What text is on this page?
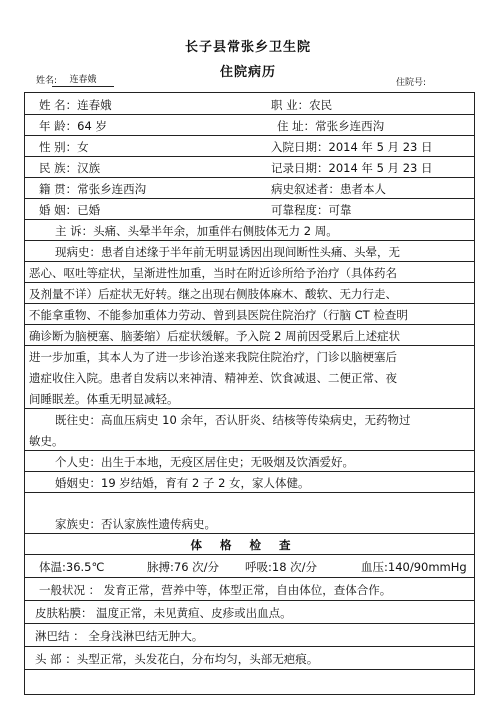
长子县常张乡卫生院
住院病历
姓名:	连春娥	住院号:
姓 名：连春娥	职 业：农民
年 龄：64 岁	住 址：常张乡连西沟
性 别：女	入院日期：2014 年 5 月 23 日
民 族：汉族	记录日期：2014 年 5 月 23 日
籍 贯：常张乡连西沟	病史叙述者：患者本人
婚 姻：已婚	可靠程度：可靠
主 诉：头痛、头晕半年余，加重伴右侧肢体无力 2 周。
现病史：患者自述缘于半年前无明显诱因出现间断性头痛、头晕，无
恶心、呕吐等症状，呈渐进性加重，当时在附近诊所给予治疗（具体药名
及剂量不详）后症状无好转。继之出现右侧肢体麻木、酸软、无力行走、
不能拿重物、不能参加重体力劳动、曾到县医院住院治疗（行脑 CT 检查明
确诊断为脑梗塞、脑萎缩）后症状缓解。予入院 2 周前因受累后上述症状
进一步加重，其本人为了进一步诊治遂来我院住院治疗，门诊以脑梗塞后
遗症收住入院。患者自发病以来神清、精神差、饮食减退、二便正常、夜
间睡眠差。体重无明显减轻。
既往史：高血压病史 10 余年，否认肝炎、结核等传染病史，无药物过
敏史。
个人史：出生于本地，无疫区居住史；无吸烟及饮酒爱好。
婚姻史：19 岁结婚，育有 2 子 2 女，家人体健。
家族史：否认家族性遗传病史。
体格检查
体温:36.5℃	脉搏:76 次/分 呼吸:18 次/分	血压:140/90mmHg
一般状况 ： 发育正常，营养中等，体型正常，自由体位，查体合作。
皮肤粘膜： 温度正常，未见黄疸、皮疹或出血点。
淋巴结 ： 全身浅淋巴结无肿大。
头 部 ：头型正常，头发花白，分布均匀，头部无疤痕。
